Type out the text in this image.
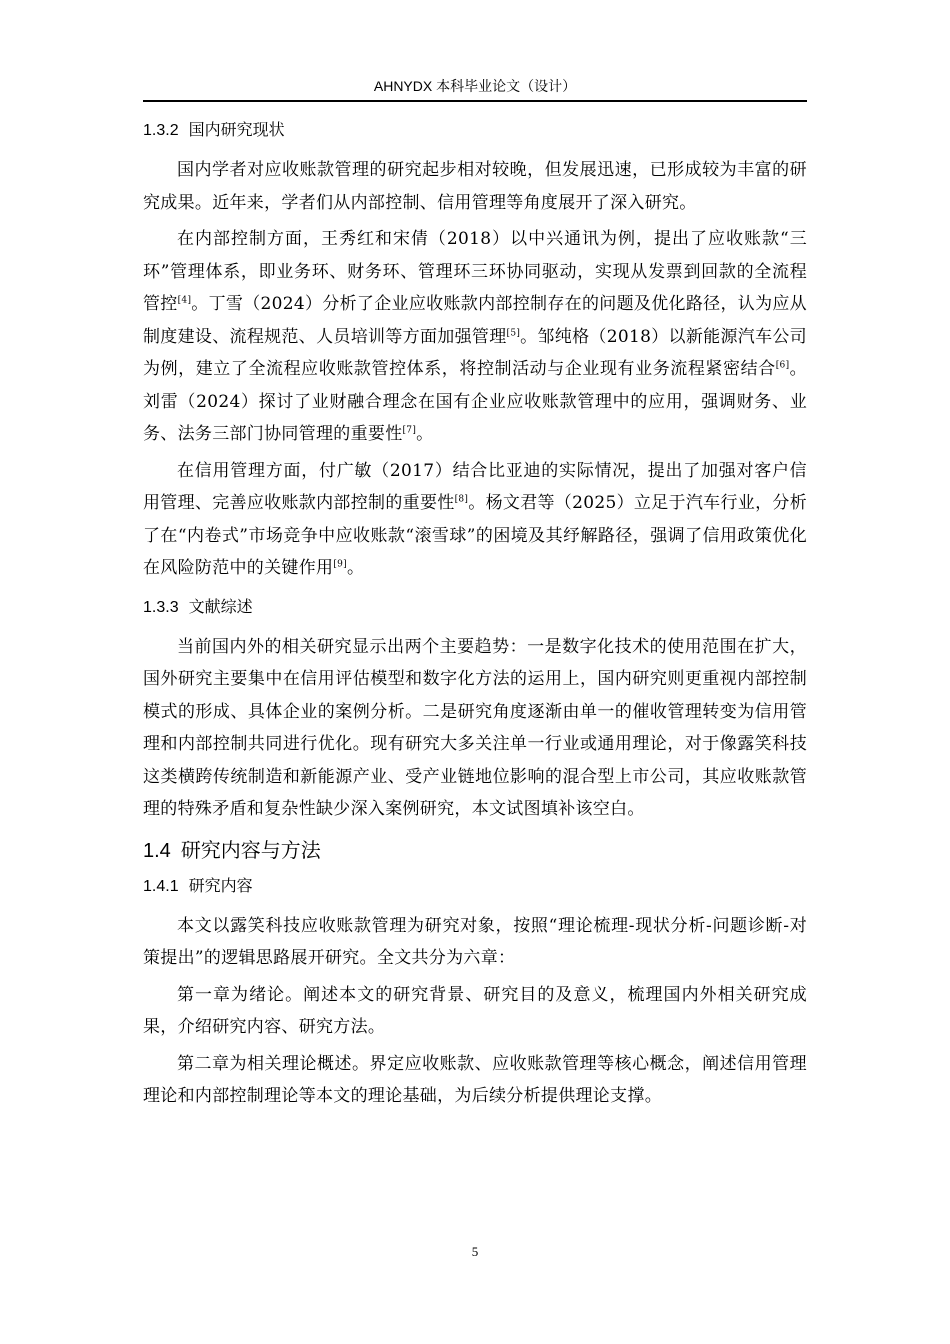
AHNYDX 本科毕业论文（设计）
1.3.2 国内研究现状

国内学者对应收账款管理的研究起步相对较晚，但发展迅速，已形成较为丰富的研究成果。近年来，学者们从内部控制、信用管理等角度展开了深入研究。

在内部控制方面，王秀红和宋倩（2018）以中兴通讯为例，提出了应收账款“三环”管理体系，即业务环、财务环、管理环三环协同驱动，实现从发票到回款的全流程管控[4]。丁雪（2024）分析了企业应收账款内部控制存在的问题及优化路径，认为应从制度建设、流程规范、人员培训等方面加强管理[5]。邹纯格（2018）以新能源汽车公司为例，建立了全流程应收账款管控体系，将控制活动与企业现有业务流程紧密结合[6]。刘雷（2024）探讨了业财融合理念在国有企业应收账款管理中的应用，强调财务、业务、法务三部门协同管理的重要性[7]。

在信用管理方面，付广敏（2017）结合比亚迪的实际情况，提出了加强对客户信用管理、完善应收账款内部控制的重要性[8]。杨文君等（2025）立足于汽车行业，分析了在“内卷式”市场竞争中应收账款“滚雪球”的困境及其纾解路径，强调了信用政策优化在风险防范中的关键作用[9]。

1.3.3 文献综述

当前国内外的相关研究显示出两个主要趋势：一是数字化技术的使用范围在扩大，国外研究主要集中在信用评估模型和数字化方法的运用上，国内研究则更重视内部控制模式的形成、具体企业的案例分析。二是研究角度逐渐由单一的催收管理转变为信用管理和内部控制共同进行优化。现有研究大多关注单一行业或通用理论，对于像露笑科技这类横跨传统制造和新能源产业、受产业链地位影响的混合型上市公司，其应收账款管理的特殊矛盾和复杂性缺少深入案例研究，本文试图填补该空白。

1.4 研究内容与方法
1.4.1 研究内容

本文以露笑科技应收账款管理为研究对象，按照“理论梳理-现状分析-问题诊断-对策提出”的逻辑思路展开研究。全文共分为六章：

第一章为绪论。阐述本文的研究背景、研究目的及意义，梳理国内外相关研究成果，介绍研究内容、研究方法。

第二章为相关理论概述。界定应收账款、应收账款管理等核心概念，阐述信用管理理论和内部控制理论等本文的理论基础，为后续分析提供理论支撑。

5
